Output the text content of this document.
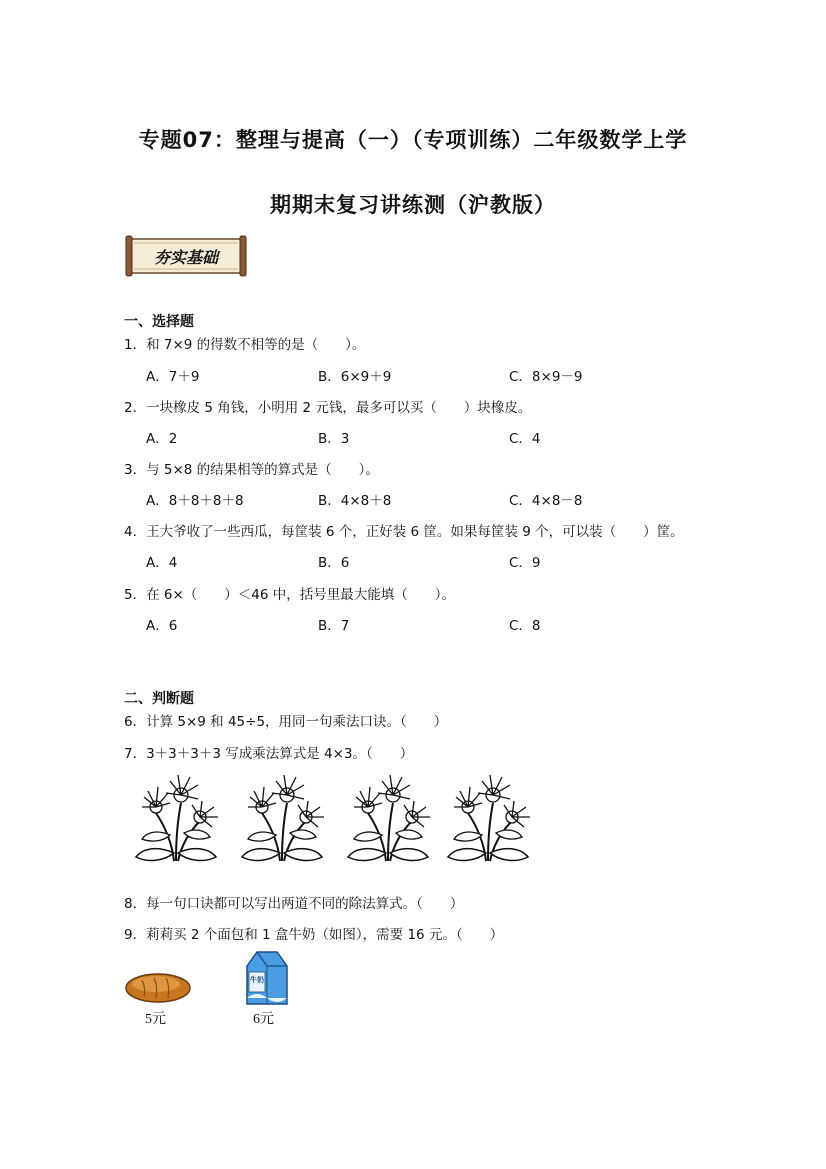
专题07：整理与提高（一）（专项训练）二年级数学上学
期期末复习讲练测（沪教版）
夯实基础
一、选择题
1．和 7×9 的得数不相等的是（　　）。
A．7＋9	B．6×9＋9	C．8×9－9
2．一块橡皮 5 角钱，小明用 2 元钱，最多可以买（　　）块橡皮。
A．2	B．3	C．4
3．与 5×8 的结果相等的算式是（　　）。
A．8＋8＋8＋8	B．4×8＋8	C．4×8－8
4．王大爷收了一些西瓜，每筐装 6 个，正好装 6 筐。如果每筐装 9 个，可以装（　　）筐。
A．4	B．6	C．9
5．在 6×（　　）＜46 中，括号里最大能填（　　）。
A．6	B．7	C．8
二、判断题
6．计算 5×9 和 45÷5，用同一句乘法口诀。（　　）
7．3＋3＋3＋3 写成乘法算式是 4×3。（　　）
8．每一句口诀都可以写出两道不同的除法算式。（　　）
9．莉莉买 2 个面包和 1 盒牛奶（如图），需要 16 元。（　　）
5元
牛奶
6元
